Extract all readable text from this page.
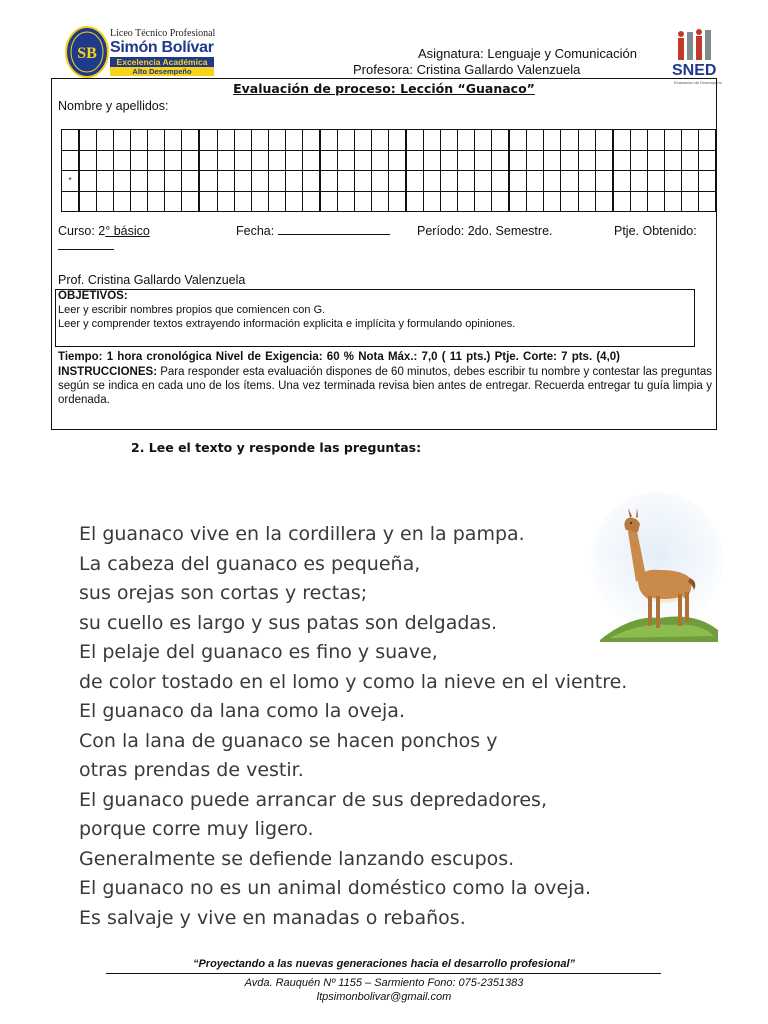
SB
Liceo Técnico Profesional
Simón Bolívar
Excelencia Académica
Alto Desempeño
Asignatura: Lenguaje y Comunicación
Profesora: Cristina Gallardo Valenzuela	SNED
Evaluación de Desempeño
Evaluación de proceso: Lección “Guanaco”
Nombre y apellidos:

*																																					

Curso: 2° básico	Fecha:	Período: 2do. Semestre.	Ptje. Obtenido:
Prof. Cristina Gallardo Valenzuela
OBJETIVOS:
Leer y escribir nombres propios que comiencen con G.
Leer y comprender textos extrayendo información explicita e implícita y formulando opiniones.
Tiempo: 1 hora cronológica Nivel de Exigencia: 60 % Nota Máx.: 7,0 ( 11 pts.) Ptje. Corte: 7 pts. (4,0)
INSTRUCCIONES: Para responder esta evaluación dispones de 60 minutos, debes escribir tu nombre y contestar las preguntas según se indica en cada uno de los ítems. Una vez terminada revisa bien antes de entregar. Recuerda entregar tu guía limpia y ordenada.
2. Lee el texto y responde las preguntas:
El guanaco vive en la cordillera y en la pampa.
La cabeza del guanaco es pequeña,
sus orejas son cortas y rectas;
su cuello es largo y sus patas son delgadas.
El pelaje del guanaco es fino y suave,
de color tostado en el lomo y como la nieve en el vientre.
El guanaco da lana como la oveja.
Con la lana de guanaco se hacen ponchos y
otras prendas de vestir.
El guanaco puede arrancar de sus depredadores,
porque corre muy ligero.
Generalmente se defiende lanzando escupos.
El guanaco no es un animal doméstico como la oveja.
Es salvaje y vive en manadas o rebaños.
“Proyectando a las nuevas generaciones hacia el desarrollo profesional”
Avda. Rauquén Nº 1155 – Sarmiento Fono: 075-2351383
ltpsimonbolivar@gmail.com
